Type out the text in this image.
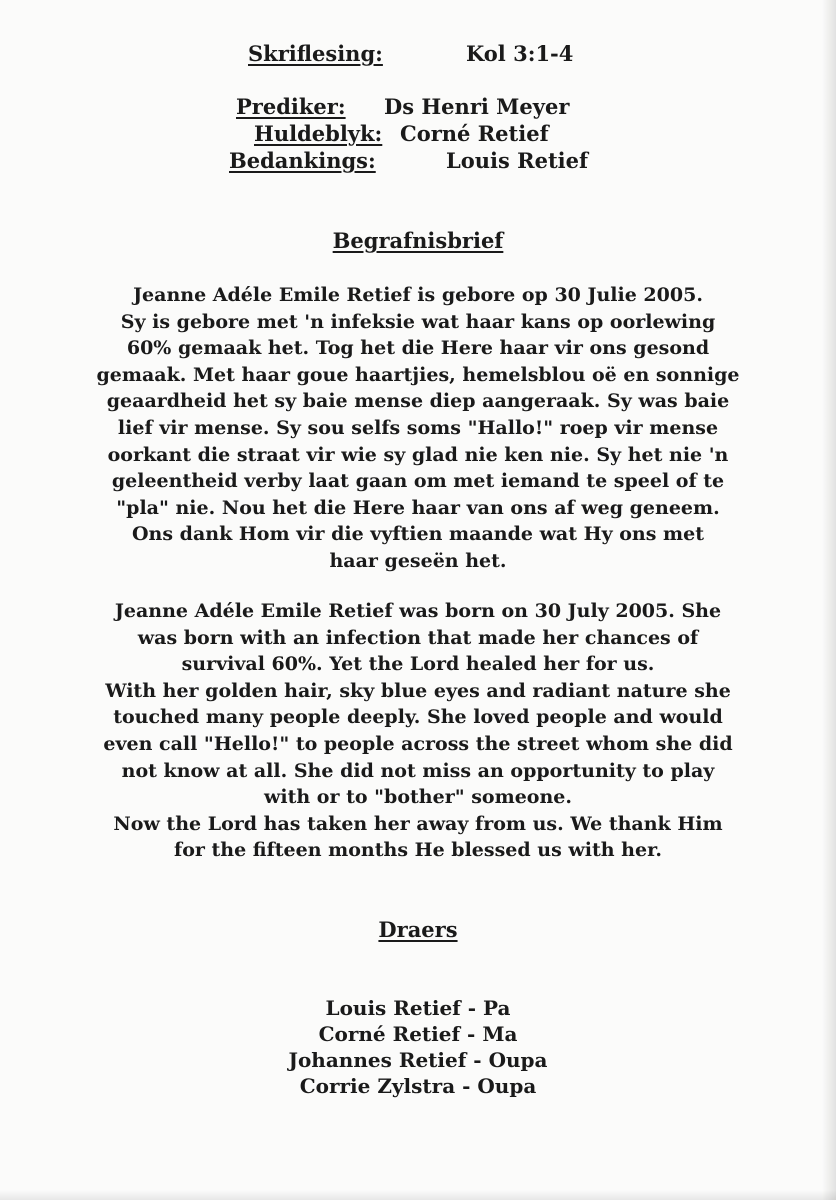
Skriflesing:	Kol 3:1-4
Prediker: Ds Henri Meyer
Huldeblyk: Corné Retief
Bedankings:	Louis Retief
Begrafnisbrief
Jeanne Adéle Emile Retief is gebore op 30 Julie 2005.
Sy is gebore met 'n infeksie wat haar kans op oorlewing
60% gemaak het. Tog het die Here haar vir ons gesond
gemaak. Met haar goue haartjies, hemelsblou oë en sonnige
geaardheid het sy baie mense diep aangeraak. Sy was baie
lief vir mense. Sy sou selfs soms "Hallo!" roep vir mense
oorkant die straat vir wie sy glad nie ken nie. Sy het nie 'n
geleentheid verby laat gaan om met iemand te speel of te
"pla" nie. Nou het die Here haar van ons af weg geneem.
Ons dank Hom vir die vyftien maande wat Hy ons met
haar geseën het.
Jeanne Adéle Emile Retief was born on 30 July 2005. She
was born with an infection that made her chances of
survival 60%. Yet the Lord healed her for us.
With her golden hair, sky blue eyes and radiant nature she
touched many people deeply. She loved people and would
even call "Hello!" to people across the street whom she did
not know at all. She did not miss an opportunity to play
with or to "bother" someone.
Now the Lord has taken her away from us. We thank Him
for the fifteen months He blessed us with her.
Draers
Louis Retief - Pa
Corné Retief - Ma
Johannes Retief - Oupa
Corrie Zylstra - Oupa
